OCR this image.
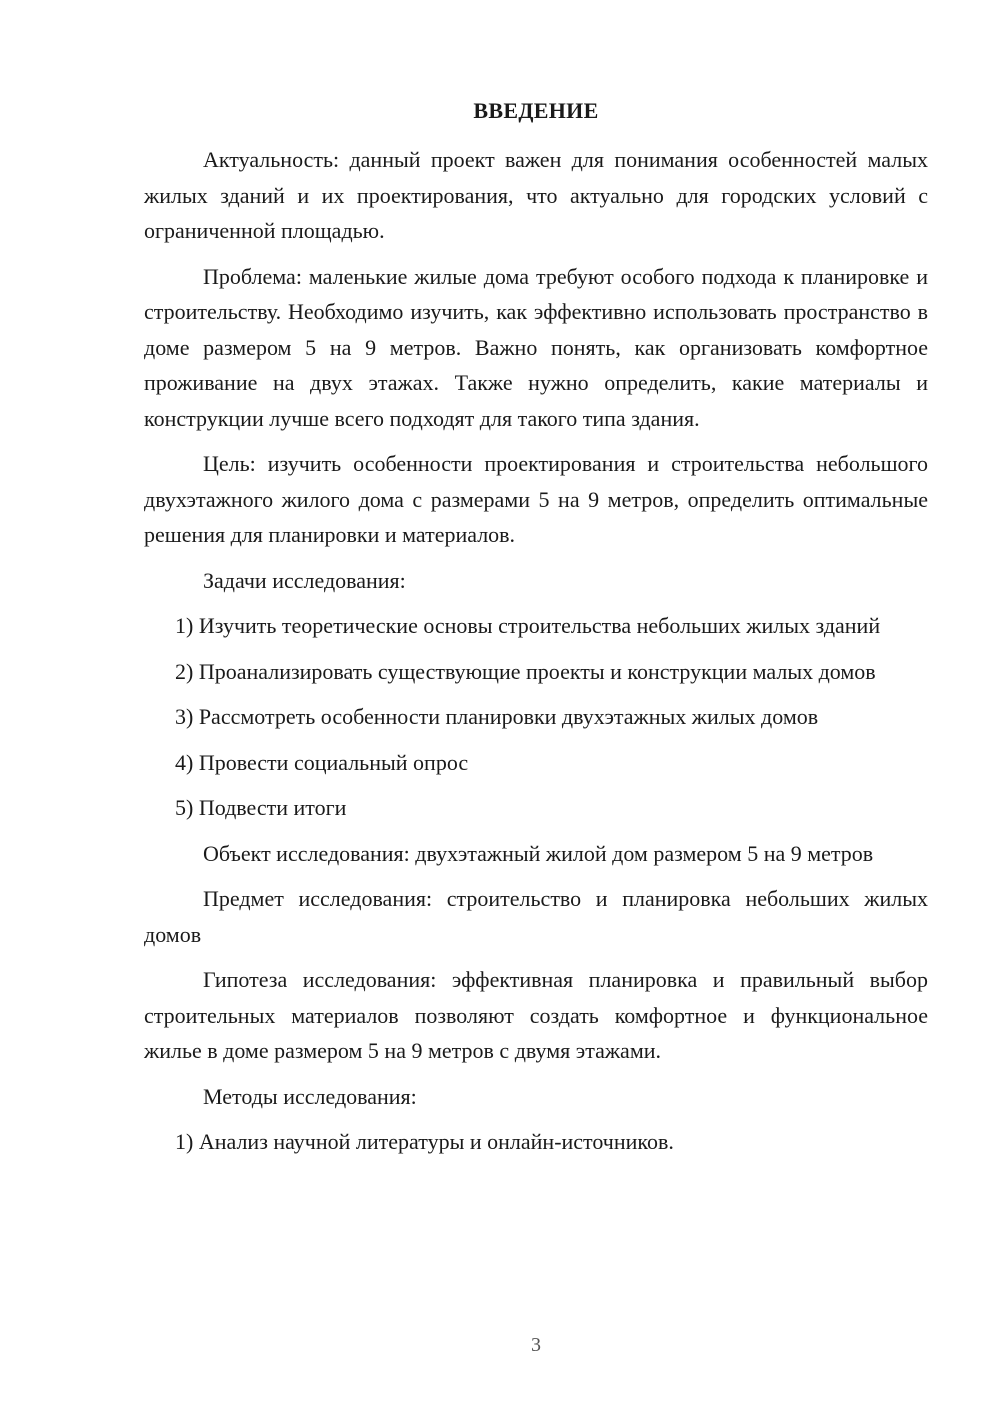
ВВЕДЕНИЕ

Актуальность: данный проект важен для понимания особенностей малых жилых зданий и их проектирования, что актуально для городских условий с ограниченной площадью.

Проблема: маленькие жилые дома требуют особого подхода к планировке и строительству. Необходимо изучить, как эффективно использовать пространство в доме размером 5 на 9 метров. Важно понять, как организовать комфортное проживание на двух этажах. Также нужно определить, какие материалы и конструкции лучше всего подходят для такого типа здания.

Цель: изучить особенности проектирования и строительства небольшого двухэтажного жилого дома с размерами 5 на 9 метров, определить оптимальные решения для планировки и материалов.

Задачи исследования:

1) Изучить теоретические основы строительства небольших жилых зданий

2) Проанализировать существующие проекты и конструкции малых домов

3) Рассмотреть особенности планировки двухэтажных жилых домов

4) Провести социальный опрос

5) Подвести итоги

Объект исследования: двухэтажный жилой дом размером 5 на 9 метров

Предмет исследования: строительство и планировка небольших жилых домов

Гипотеза исследования: эффективная планировка и правильный выбор строительных материалов позволяют создать комфортное и функциональное жилье в доме размером 5 на 9 метров с двумя этажами.

Методы исследования:

1) Анализ научной литературы и онлайн-источников.

3
